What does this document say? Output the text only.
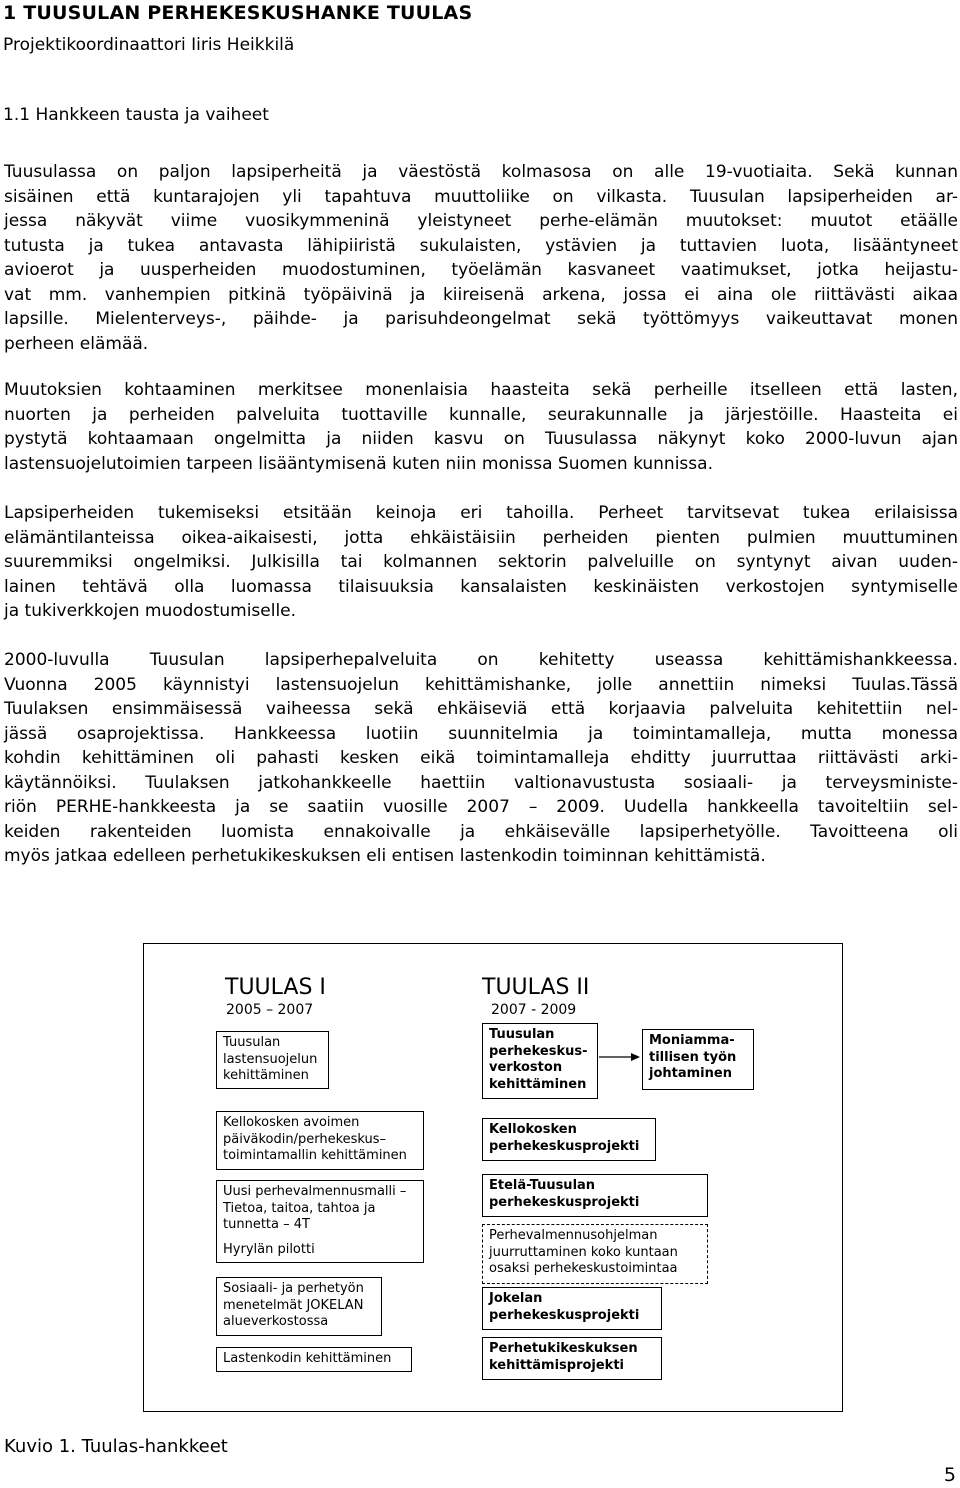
1 TUUSULAN PERHEKESKUSHANKE TUULAS
Projektikoordinaattori Iiris Heikkilä
1.1 Hankkeen tausta ja vaiheet
Tuusulassa on paljon lapsiperheitä ja väestöstä kolmasosa on alle 19-vuotiaita. Sekä kunnan
sisäinen että kuntarajojen yli tapahtuva muuttoliike on vilkasta. Tuusulan lapsiperheiden ar-
jessa näkyvät viime vuosikymmeninä yleistyneet perhe-elämän muutokset: muutot etäälle
tutusta ja tukea antavasta lähipiiristä sukulaisten, ystävien ja tuttavien luota, lisääntyneet
avioerot ja uusperheiden muodostuminen, työelämän kasvaneet vaatimukset, jotka heijastu-
vat mm. vanhempien pitkinä työpäivinä ja kiireisenä arkena, jossa ei aina ole riittävästi aikaa
lapsille. Mielenterveys-, päihde- ja parisuhdeongelmat sekä työttömyys vaikeuttavat monen
perheen elämää.
Muutoksien kohtaaminen merkitsee monenlaisia haasteita sekä perheille itselleen että lasten,
nuorten ja perheiden palveluita tuottaville kunnalle, seurakunnalle ja järjestöille. Haasteita ei
pystytä kohtaamaan ongelmitta ja niiden kasvu on Tuusulassa näkynyt koko 2000-luvun ajan
lastensuojelutoimien tarpeen lisääntymisenä kuten niin monissa Suomen kunnissa.
Lapsiperheiden tukemiseksi etsitään keinoja eri tahoilla. Perheet tarvitsevat tukea erilaisissa
elämäntilanteissa oikea-aikaisesti, jotta ehkäistäisiin perheiden pienten pulmien muuttuminen
suuremmiksi ongelmiksi. Julkisilla tai kolmannen sektorin palveluille on syntynyt aivan uuden-
lainen tehtävä olla luomassa tilaisuuksia kansalaisten keskinäisten verkostojen syntymiselle
ja tukiverkkojen muodostumiselle.
2000-luvulla Tuusulan lapsiperhepalveluita on kehitetty useassa kehittämishankkeessa.
Vuonna 2005 käynnistyi lastensuojelun kehittämishanke, jolle annettiin nimeksi Tuulas.Tässä
Tuulaksen ensimmäisessä vaiheessa sekä ehkäiseviä että korjaavia palveluita kehitettiin nel-
jässä osaprojektissa. Hankkeessa luotiin suunnitelmia ja toimintamalleja, mutta monessa
kohdin kehittäminen oli pahasti kesken eikä toimintamalleja ehditty juurruttaa riittävästi arki-
käytännöiksi. Tuulaksen jatkohankkeelle haettiin valtionavustusta sosiaali- ja terveysministe-
riön PERHE-hankkeesta ja se saatiin vuosille 2007 – 2009. Uudella hankkeella tavoiteltiin sel-
keiden rakenteiden luomista ennakoivalle ja ehkäisevälle lapsiperhetyölle. Tavoitteena oli
myös jatkaa edelleen perhetukikeskuksen eli entisen lastenkodin toiminnan kehittämistä.
TUULAS I
2005 – 2007
TUULAS II
2007 - 2009
Tuusulan
lastensuojelun
kehittäminen
Kellokosken avoimen
päiväkodin/perhekeskus–
toimintamallin kehittäminen
Uusi perhevalmennusmalli –
Tietoa, taitoa, tahtoa ja
tunnetta – 4T
Hyrylän pilotti
Sosiaali- ja perhetyön
menetelmät JOKELAN
alueverkostossa
Lastenkodin kehittäminen
Tuusulan
perhekeskus-
verkoston
kehittäminen
Moniamma-
tillisen työn
johtaminen
Kellokosken
perhekeskusprojekti
Etelä-Tuusulan
perhekeskusprojekti
Perhevalmennusohjelman
juurruttaminen koko kuntaan
osaksi perhekeskustoimintaa
Jokelan
perhekeskusprojekti
Perhetukikeskuksen
kehittämisprojekti
Kuvio 1. Tuulas-hankkeet
5
